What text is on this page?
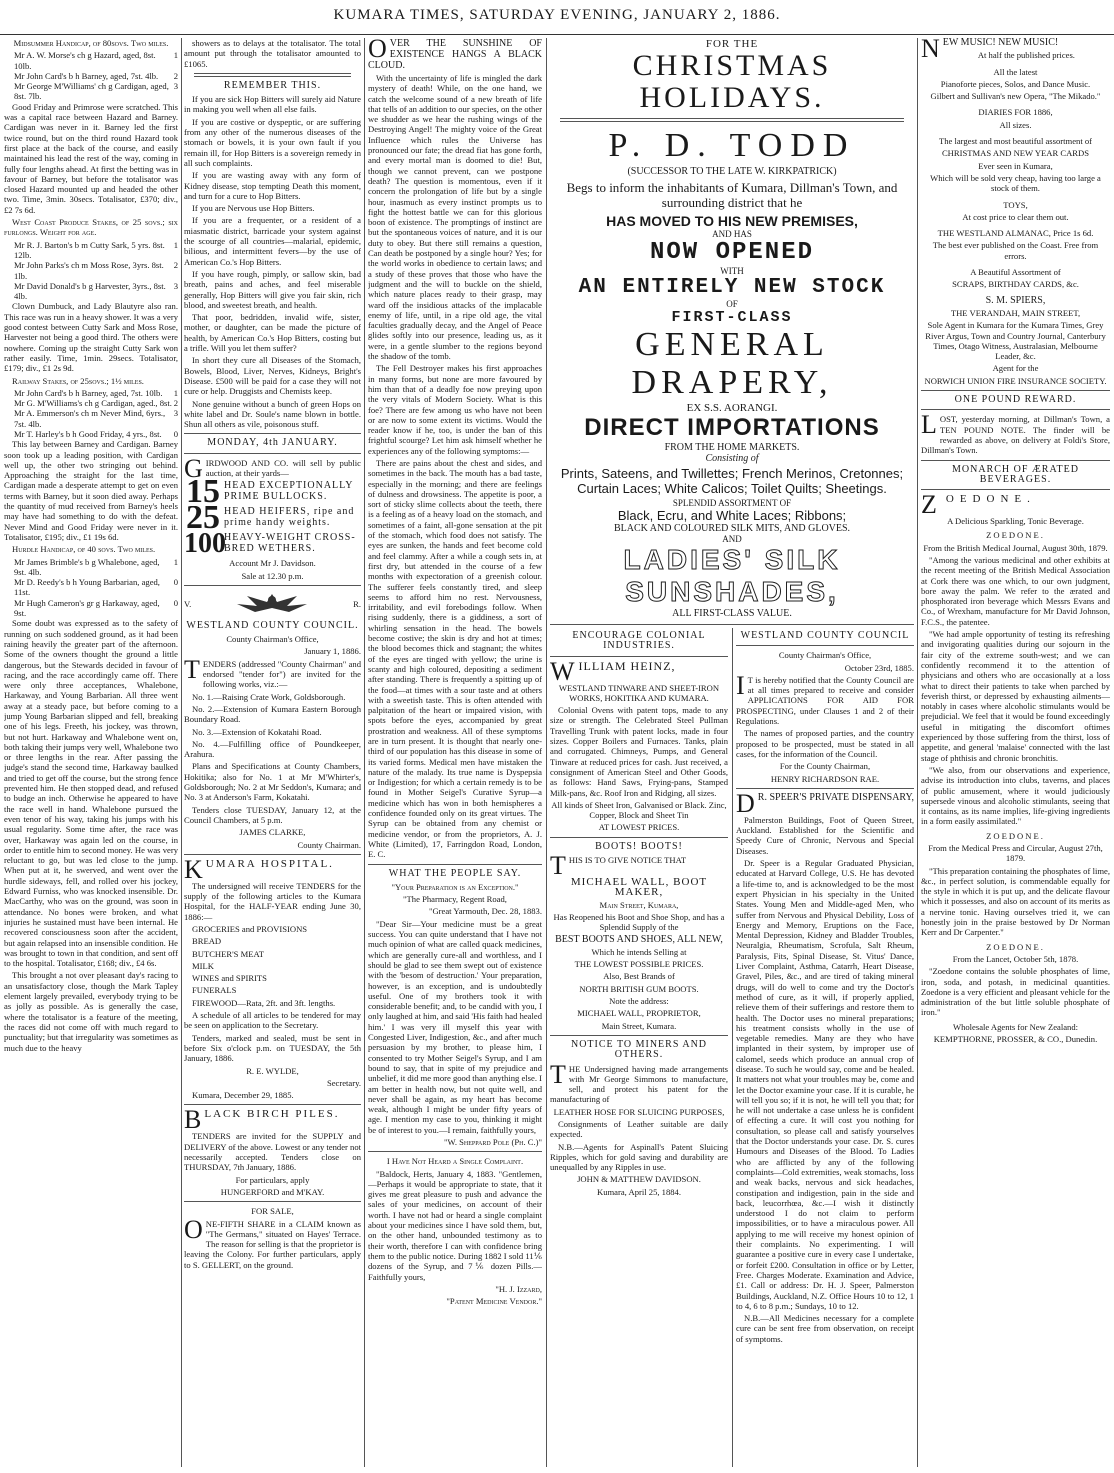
KUMARA TIMES, SATURDAY EVENING, JANUARY 2, 1886.

Midsummer Handicap, of 80sovs. Two miles.

Mr A. W. Morse's ch g Hazard, aged, 8st. 10lb.
1
Mr John Card's b h Barney, aged, 7st. 4lb. 2
Mr George M'Williams' ch g Cardigan, aged, 8st. 7lb.
3

Good Friday and Primrose were scratched. This was a capital race between Hazard and Barney. Cardigan was never in it. Barney led the first twice round, but on the third round Hazard took first place at the back of the course, and easily maintained his lead the rest of the way, coming in fully four lengths ahead. At first the betting was in favour of Barney, but before the totalisator was closed Hazard mounted up and headed the other two. Time, 3min. 30secs. Totalisator, £370; div., £2 7s 6d.

West Coast Produce Stakes, of 25 sovs.; six furlongs. Weight for age.

Mr R. J. Barton's b m Cutty Sark, 5 yrs. 8st. 12lb.
1
Mr John Parks's ch m Moss Rose, 3yrs. 8st. 1lb.
2
Mr David Donald's b g Harvester, 3yrs., 8st. 4lb.
3

Clown Dumbuck, and Lady Blautyre also ran. This race was run in a heavy shower. It was a very good contest between Cutty Sark and Moss Rose, Harvester not being a good third. The others were nowhere. Coming up the straight Cutty Sark won rather easily. Time, 1min. 29secs. Totalisator, £179; div., £1 2s 9d.

Railway Stakes, of 25sovs.; 1½ miles.

Mr John Card's b h Barney, aged, 7st. 10lb. 1
Mr G. M'Williams's ch g Cardigan, aged., 8st. 2
Mr A. Emmerson's ch m Never Mind, 6yrs., 7st. 4lb.
3
Mr T. Harley's b h Good Friday, 4 yrs., 8st. 0

This lay between Barney and Cardigan. Barney soon took up a leading position, with Cardigan well up, the other two stringing out behind. Approaching the straight for the last time, Cardigan made a desperate attempt to get on even terms with Barney, but it soon died away. Perhaps the quantity of mud received from Barney's heels may have had something to do with the defeat. Never Mind and Good Friday were never in it. Totalisator, £195; div., £1 19s 6d.

Hurdle Handicap, of 40 sovs. Two miles.

Mr James Brimble's b g Whalebone, aged, 9st. 4lb.
1
Mr D. Reedy's b h Young Barbarian, aged, 11st.
0
Mr Hugh Cameron's gr g Harkaway, aged, 9st.
0

Some doubt was expressed as to the safety of running on such soddened ground, as it had been raining heavily the greater part of the afternoon. Some of the owners thought the ground a little dangerous, but the Stewards decided in favour of racing, and the race accordingly came off. There were only three acceptances, Whalebone, Harkaway, and Young Barbarian. All three went away at a steady pace, but before coming to a jump Young Barbarian slipped and fell, breaking one of his legs. Freeth, his jockey, was thrown, but not hurt. Harkaway and Whalebone went on, both taking their jumps very well, Whalebone two or three lengths in the rear. After passing the judge's stand the second time, Harkaway baulked and tried to get off the course, but the strong fence prevented him. He then stopped dead, and refused to budge an inch. Otherwise he appeared to have the race well in hand. Whalebone pursued the even tenor of his way, taking his jumps with his usual regularity. Some time after, the race was over, Harkaway was again led on the course, in order to entitle him to second money. He was very reluctant to go, but was led close to the jump. When put at it, he swerved, and went over the hurdle sideways, fell, and rolled over his jockey, Edward Furniss, who was knocked insensible. Dr. MacCarthy, who was on the ground, was soon in attendance. No bones were broken, and what injuries he sustained must have been internal. He recovered consciousness soon after the accident, but again relapsed into an insensible condition. He was brought to town in that condition, and sent off to the hospital. Totalisator, £168; div., £4 6s.

This brought a not over pleasant day's racing to an unsatisfactory close, though the Mark Tapley element largely prevailed, everybody trying to be as jolly as possible. As is generally the case, where the totalisator is a feature of the meeting, the races did not come off with much regard to punctuality; but that irregularity was sometimes as much due to the heavy

showers as to delays at the totalisator. The total amount put through the totalisator amounted to £1065.

REMEMBER THIS.

If you are sick Hop Bitters will surely aid Nature in making you well when all else fails.

If you are costive or dyspeptic, or are suffering from any other of the numerous diseases of the stomach or bowels, it is your own fault if you remain ill, for Hop Bitters is a sovereign remedy in all such complaints.

If you are wasting away with any form of Kidney disease, stop tempting Death this moment, and turn for a cure to Hop Bitters.

If you are Nervous use Hop Bitters.

If you are a frequenter, or a resident of a miasmatic district, barricade your system against the scourge of all countries—malarial, epidemic, bilious, and intermittent fevers—by the use of American Co.'s Hop Bitters.

If you have rough, pimply, or sallow skin, bad breath, pains and aches, and feel miserable generally, Hop Bitters will give you fair skin, rich blood, and sweetest breath, and health.

That poor, bedridden, invalid wife, sister, mother, or daughter, can be made the picture of health, by American Co.'s Hop Bitters, costing but a trifle. Will you let them suffer?

In short they cure all Diseases of the Stomach, Bowels, Blood, Liver, Nerves, Kidneys, Bright's Disease. £500 will be paid for a case they will not cure or help. Druggists and Chemists keep.

None genuine without a bunch of green Hops on white label and Dr. Soule's name blown in bottle. Shun all others as vile, poisonous stuff.

MONDAY, 4th JANUARY.

GIRDWOOD AND CO. will sell by public auction, at their yards—

15 HEAD EXCEPTIONALLY PRIME BULLOCKS.
25 HEAD HEIFERS, ripe and prime handy weights.
100
HEAVY-WEIGHT CROSS-BRED WETHERS.

Account Mr J. Davidson.

Sale at 12.30 p.m.

V.	R.
WESTLAND COUNTY COUNCIL.

County Chairman's Office,

January 1, 1886.

TENDERS (addressed "County Chairman" and endorsed "tender for") are invited for the following works, viz.:—

No. 1.—Raising Crate Work, Goldsborough.

No. 2.—Extension of Kumara Eastern Borough Boundary Road.

No. 3.—Extension of Kokatahi Road.

No. 4.—Fulfilling office of Poundkeeper, Arahura.

Plans and Specifications at County Chambers, Hokitika; also for No. 1 at Mr M'Whirter's, Goldsborough; No. 2 at Mr Seddon's, Kumara; and No. 3 at Anderson's Farm, Kokatahi.

Tenders close TUESDAY, January 12, at the Council Chambers, at 5 p.m.

JAMES CLARKE,

County Chairman.

KUMARA HOSPITAL.

The undersigned will receive TENDERS for the supply of the following articles to the Kumara Hospital, for the HALF-YEAR ending June 30, 1886:—

GROCERIES and PROVISIONS

BREAD

BUTCHER'S MEAT

MILK

WINES and SPIRITS

FUNERALS

FIREWOOD—Rata, 2ft. and 3ft. lengths.

A schedule of all articles to be tendered for may be seen on application to the Secretary.

Tenders, marked and sealed, must be sent in before Six o'clock p.m. on TUESDAY, the 5th January, 1886.

R. E. WYLDE,

Secretary.

Kumara, December 29, 1885.

BLACK BIRCH PILES.

TENDERS are invited for the SUPPLY and DELIVERY of the above. Lowest or any tender not necessarily accepted. Tenders close on THURSDAY, 7th January, 1886.

For particulars, apply

HUNGERFORD and M'KAY.

FOR SALE,

ONE-FIFTH SHARE in a CLAIM known as "The Germans," situated on Hayes' Terrace. The reason for selling is that the proprietor is leaving the Colony. For further particulars, apply to S. GELLERT, on the ground.

OVER THE SUNSHINE OF EXISTENCE HANGS A BLACK CLOUD.

With the uncertainty of life is mingled the dark mystery of death! While, on the one hand, we catch the welcome sound of a new breath of life that tells of an addition to our species, on the other we shudder as we hear the rushing wings of the Destroying Angel! The mighty voice of the Great Influence which rules the Universe has pronounced our fate; the dread fiat has gone forth, and every mortal man is doomed to die! But, though we cannot prevent, can we postpone death? The question is momentous, even if it concern the prolongation of life but by a single hour, inasmuch as every instinct prompts us to fight the hottest battle we can for this glorious boon of existence. The promptings of instinct are but the spontaneous voices of nature, and it is our duty to obey. But there still remains a question, Can death be postponed by a single hour? Yes; for the world works in obedience to certain laws; and a study of these proves that those who have the judgment and the will to buckle on the shield, which nature places ready to their grasp, may ward off the insidious attacks of the implacable enemy of life, until, in a ripe old age, the vital faculties gradually decay, and the Angel of Peace glides softly into our presence, leading us, as it were, in a gentle slumber to the regions beyond the shadow of the tomb.

The Fell Destroyer makes his first approaches in many forms, but none are more favoured by him than that of a deadly foe now preying upon the very vitals of Modern Society. What is this foe? There are few among us who have not been or are now to some extent its victims. Would the reader know if he, too, is under the ban of this frightful scourge? Let him ask himself whether he experiences any of the following symptoms:—

There are pains about the chest and sides, and sometimes in the back. The mouth has a bad taste, especially in the morning; and there are feelings of dulness and drowsiness. The appetite is poor, a sort of sticky slime collects about the teeth, there is a feeling as of a heavy load on the stomach, and sometimes of a faint, all-gone sensation at the pit of the stomach, which food does not satisfy. The eyes are sunken, the hands and feet become cold and feel clammy. After a while a cough sets in, at first dry, but attended in the course of a few months with expectoration of a greenish colour. The sufferer feels constantly tired, and sleep seems to afford him no rest. Nervousness, irritability, and evil forebodings follow. When rising suddenly, there is a giddiness, a sort of whirling sensation in the head. The bowels become costive; the skin is dry and hot at times; the blood becomes thick and stagnant; the whites of the eyes are tinged with yellow; the urine is scanty and high coloured, depositing a sediment after standing. There is frequently a spitting up of the food—at times with a sour taste and at others with a sweetish taste. This is often attended with palpitation of the heart or impaired vision, with spots before the eyes, accompanied by great prostration and weakness. All of these symptoms are in turn present. It is thought that nearly one-third of our population has this disease in some of its varied forms. Medical men have mistaken the nature of the malady. Its true name is Dyspepsia or Indigestion; for which a certain remedy is to be found in Mother Seigel's Curative Syrup—a medicine which has won in both hemispheres a confidence founded only on its great virtues. The Syrup can be obtained from any chemist or medicine vendor, or from the proprietors, A. J. White (Limited), 17, Farringdon Road, London, E. C.

WHAT THE PEOPLE SAY.

"Your Preparation is an Exception."

"The Pharmacy, Regent Road,

"Great Yarmouth, Dec. 28, 1883.

"Dear Sir—Your medicine must be a great success. You can quite understand that I have not much opinion of what are called quack medicines, which are generally cure-all and worthless, and I should be glad to see them swept out of existence with the 'besom of destruction.' Your preparation, however, is an exception, and is undoubtedly useful. One of my brothers took it with considerable benefit; and, to be candid with you, I only laughed at him, and said 'His faith had healed him.' I was very ill myself this year with Congested Liver, Indigestion, &c., and after much persuasion by my brother, to please him, I consented to try Mother Seigel's Syrup, and I am bound to say, that in spite of my prejudice and unbelief, it did me more good than anything else. I am better in health now, but not quite well, and never shall be again, as my heart has become weak, although I might be under fifty years of age. I mention my case to you, thinking it might be of interest to you.—I remain, faithfully yours,

"W. Sheppard Pole (Ph. C.)"

I Have Not Heard a Single Complaint.

"Baldock, Herts, January 4, 1883. "Gentlemen,—Perhaps it would be appropriate to state, that it gives me great pleasure to push and advance the sales of your medicines, on account of their worth. I have not had or heard a single complaint about your medicines since I have sold them, but, on the other hand, unbounded testimony as to their worth, therefore I can with confidence bring them to the public notice. During 1882 I sold 11⅙ dozens of the Syrup, and 7⅙ dozen Pills.—Faithfully yours,

"H. J. Izzard,

"Patent Medicine Vendor."

FOR THE
CHRISTMAS HOLIDAYS.
P. D. TODD
(SUCCESSOR TO THE LATE W. KIRKPATRICK)
Begs to inform the inhabitants of Kumara, Dillman's Town, and surrounding district that he
HAS MOVED TO HIS NEW PREMISES,
AND HAS
NOW OPENED
WITH
AN ENTIRELY NEW STOCK
OF
FIRST-CLASS
GENERAL DRAPERY,
EX S.S. AORANGI.
DIRECT IMPORTATIONS
FROM THE HOME MARKETS.
Consisting of
Prints, Sateens, and Twillettes; French Merinos, Cretonnes; Curtain Laces; White Calicos; Toilet Quilts; Sheetings.
SPLENDID ASSORTMENT OF
Black, Ecru, and White Laces; Ribbons;
BLACK AND COLOURED SILK MITS, AND GLOVES.
AND
LADIES' SILK SUNSHADES,
ALL FIRST-CLASS VALUE.
ENCOURAGE COLONIAL INDUSTRIES.

WILLIAM HEINZ,

WESTLAND TINWARE AND SHEET-IRON WORKS, HOKITIKA AND KUMARA.

Colonial Ovens with patent tops, made to any size or strength. The Celebrated Steel Pullman Travelling Trunk with patent locks, made in four sizes. Copper Boilers and Furnaces. Tanks, plain and corrugated. Chimneys, Pumps, and General Tinware at reduced prices for cash. Just received, a consignment of American Steel and Other Goods, as follows: Hand Saws, Frying-pans, Stamped Milk-pans, &c. Roof Iron and Ridging, all sizes.

All kinds of Sheet Iron, Galvanised or Black. Zinc, Copper, Block and Sheet Tin

AT LOWEST PRICES.

BOOTS! BOOTS!

THIS IS TO GIVE NOTICE THAT

MICHAEL WALL, BOOT MAKER,

Main Street, Kumara,

Has Reopened his Boot and Shoe Shop, and has a Splendid Supply of the

BEST BOOTS AND SHOES, ALL NEW,

Which he intends Selling at

THE LOWEST POSSIBLE PRICES.

Also, Best Brands of

NORTH BRITISH GUM BOOTS.

Note the address:

MICHAEL WALL, PROPRIETOR,

Main Street, Kumara.

NOTICE TO MINERS AND OTHERS.

THE Undersigned having made arrangements with Mr George Simmons to manufacture, sell, and protect his patent for the manufacturing of

LEATHER HOSE FOR SLUICING PURPOSES,

Consignments of Leather suitable are daily expected.

N.B.—Agents for Aspinall's Patent Sluicing Ripples, which for gold saving and durability are unequalled by any Ripples in use.

JOHN & MATTHEW DAVIDSON.

Kumara, April 25, 1884.

WESTLAND COUNTY COUNCIL

County Chairman's Office,

October 23rd, 1885.

I T is hereby notified that the County Council are at all times prepared to receive and consider APPLICATIONS FOR AID FOR PROSPECTING, under Clauses 1 and 2 of their Regulations.

The names of proposed parties, and the country proposed to be prospected, must be stated in all cases, for the information of the Council.

For the County Chairman,

HENRY RICHARDSON RAE.

D R. SPEER'S PRIVATE DISPENSARY,

Palmerston Buildings, Foot of Queen Street, Auckland. Established for the Scientific and Speedy Cure of Chronic, Nervous and Special Diseases.

Dr. Speer is a Regular Graduated Physician, educated at Harvard College, U.S. He has devoted a life-time to, and is acknowledged to be the most expert Physician in his specialty in the United States. Young Men and Middle-aged Men, who suffer from Nervous and Physical Debility, Loss of Energy and Memory, Eruptions on the Face, Mental Depression, Kidney and Bladder Troubles, Neuralgia, Rheumatism, Scrofula, Salt Rheum, Paralysis, Fits, Spinal Disease, St. Vitus' Dance, Liver Complaint, Asthma, Catarrh, Heart Disease, Gravel, Piles, &c., and are tired of taking mineral drugs, will do well to come and try the Doctor's method of cure, as it will, if properly applied, relieve them of their sufferings and restore them to health. The Doctor uses no mineral preparations; his treatment consists wholly in the use of vegetable remedies. Many are they who have implanted in their system, by improper use of calomel, seeds which produce an annual crop of disease. To such he would say, come and be healed. It matters not what your troubles may be, come and let the Doctor examine your case. If it is curable, he will tell you so; if it is not, he will tell you that; for he will not undertake a case unless he is confident of effecting a cure. It will cost you nothing for consultation, so please call and satisfy yourselves that the Doctor understands your case. Dr. S. cures Humours and Diseases of the Blood. To Ladies who are afflicted by any of the following complaints—Cold extremities, weak stomachs, loss and weak backs, nervous and sick headaches, constipation and indigestion, pain in the side and back, leucorrhœa, &c.—I wish it distinctly understood I do not claim to perform impossibilities, or to have a miraculous power. All applying to me will receive my honest opinion of their complaints. No experimenting. I will guarantee a positive cure in every case I undertake, or forfeit £200. Consultation in office or by Letter, Free. Charges Moderate. Examination and Advice, £1. Call or address: Dr. H. J. Speer, Palmerston Buildings, Auckland, N.Z. Office Hours 10 to 12, 1 to 4, 6 to 8 p.m.; Sundays, 10 to 12.

N.B.—All Medicines necessary for a complete cure can be sent free from observation, on receipt of symptoms.

NEW MUSIC! NEW MUSIC!

At half the published prices.

All the latest

Pianoforte pieces, Solos, and Dance Music.

Gilbert and Sullivan's new Opera, "The Mikado."

DIARIES FOR 1886,

All sizes.

The largest and most beautiful assortment of

CHRISTMAS AND NEW YEAR CARDS

Ever seen in Kumara,

Which will be sold very cheap, having too large a stock of them.

TOYS,

At cost price to clear them out.

THE WESTLAND ALMANAC, Price 1s 6d.

The best ever published on the Coast. Free from errors.

A Beautiful Assortment of

SCRAPS, BIRTHDAY CARDS, &c.

S. M. SPIERS,

THE VERANDAH, MAIN STREET,

Sole Agent in Kumara for the Kumara Times, Grey River Argus, Town and Country Journal, Canterbury Times, Otago Witness, Australasian, Melbourne Leader, &c.

Agent for the

NORWICH UNION FIRE INSURANCE SOCIETY.

ONE POUND REWARD.

LOST, yesterday morning, at Dillman's Town, a TEN POUND NOTE. The finder will be rewarded as above, on delivery at Foldi's Store, Dillman's Town.

MONARCH OF ÆRATED BEVERAGES.

ZOEDONE.

A Delicious Sparkling, Tonic Beverage.

ZOEDONE.

From the British Medical Journal, August 30th, 1879.

"Among the various medicinal and other exhibits at the recent meeting of the British Medical Association at Cork there was one which, to our own judgment, bore away the palm. We refer to the ærated and phosphorated iron beverage which Messrs Evans and Co., of Wrexham, manufacture for Mr David Johnson, F.C.S., the patentee.

"We had ample opportunity of testing its refreshing and invigorating qualities during our sojourn in the fair city of the extreme south-west; and we can confidently recommend it to the attention of physicians and others who are occasionally at a loss what to direct their patients to take when parched by feverish thirst, or depressed by exhausting ailments—notably in cases where alcoholic stimulants would be prejudicial. We feel that it would be found exceedingly useful in mitigating the discomfort oftimes experienced by those suffering from the thirst, loss of appetite, and general 'malaise' connected with the last stage of phthisis and chronic bronchitis.

"We also, from our observations and experience, advise its introduction into clubs, taverns, and places of public amusement, where it would judiciously supersede vinous and alcoholic stimulants, seeing that it contains, as its name implies, life-giving ingredients in a form easily assimilated."

ZOEDONE.

From the Medical Press and Circular, August 27th, 1879.

"This preparation containing the phosphates of lime, &c., in perfect solution, is commendable equally for the style in which it is put up, and the delicate flavour which it possesses, and also on account of its merits as a nervine tonic. Having ourselves tried it, we can honestly join in the praise bestowed by Dr Norman Kerr and Dr Carpenter."

ZOEDONE.

From the Lancet, October 5th, 1878.

"Zoedone contains the soluble phosphates of lime, iron, soda, and potash, in medicinal quantities. Zoedone is a very efficient and pleasant vehicle for the administration of the but little soluble phosphate of iron."

Wholesale Agents for New Zealand:

KEMPTHORNE, PROSSER, & CO., Dunedin.
